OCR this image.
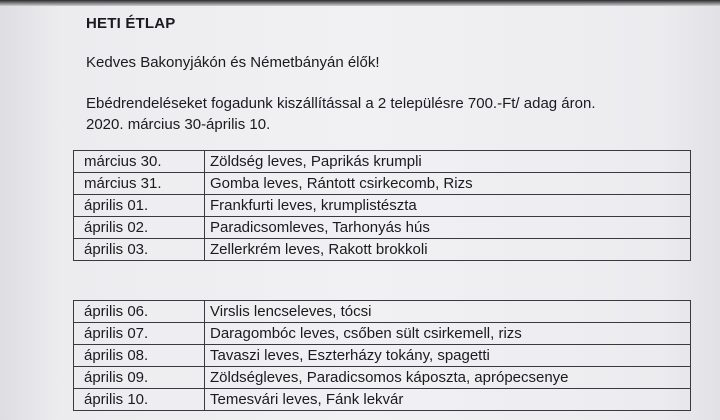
HETI ÉTLAP
Kedves Bakonyjákón és Németbányán élők!
Ebédrendeléseket fogadunk kiszállítással a 2 településre 700.-Ft/ adag áron.
2020. március 30-április 10.
március 30.	Zöldség leves, Paprikás krumpli
március 31.	Gomba leves, Rántott csirkecomb, Rizs
április 01.	Frankfurti leves, krumplistészta
április 02.	Paradicsomleves, Tarhonyás hús
április 03.	Zellerkrém leves, Rakott brokkoli
április 06.	Virslis lencseleves, tócsi
április 07.	Daragombóc leves, csőben sült csirkemell, rizs
április 08.	Tavaszi leves, Eszterházy tokány, spagetti
április 09.	Zöldségleves, Paradicsomos káposzta, aprópecsenye
április 10.	Temesvári leves, Fánk lekvár
